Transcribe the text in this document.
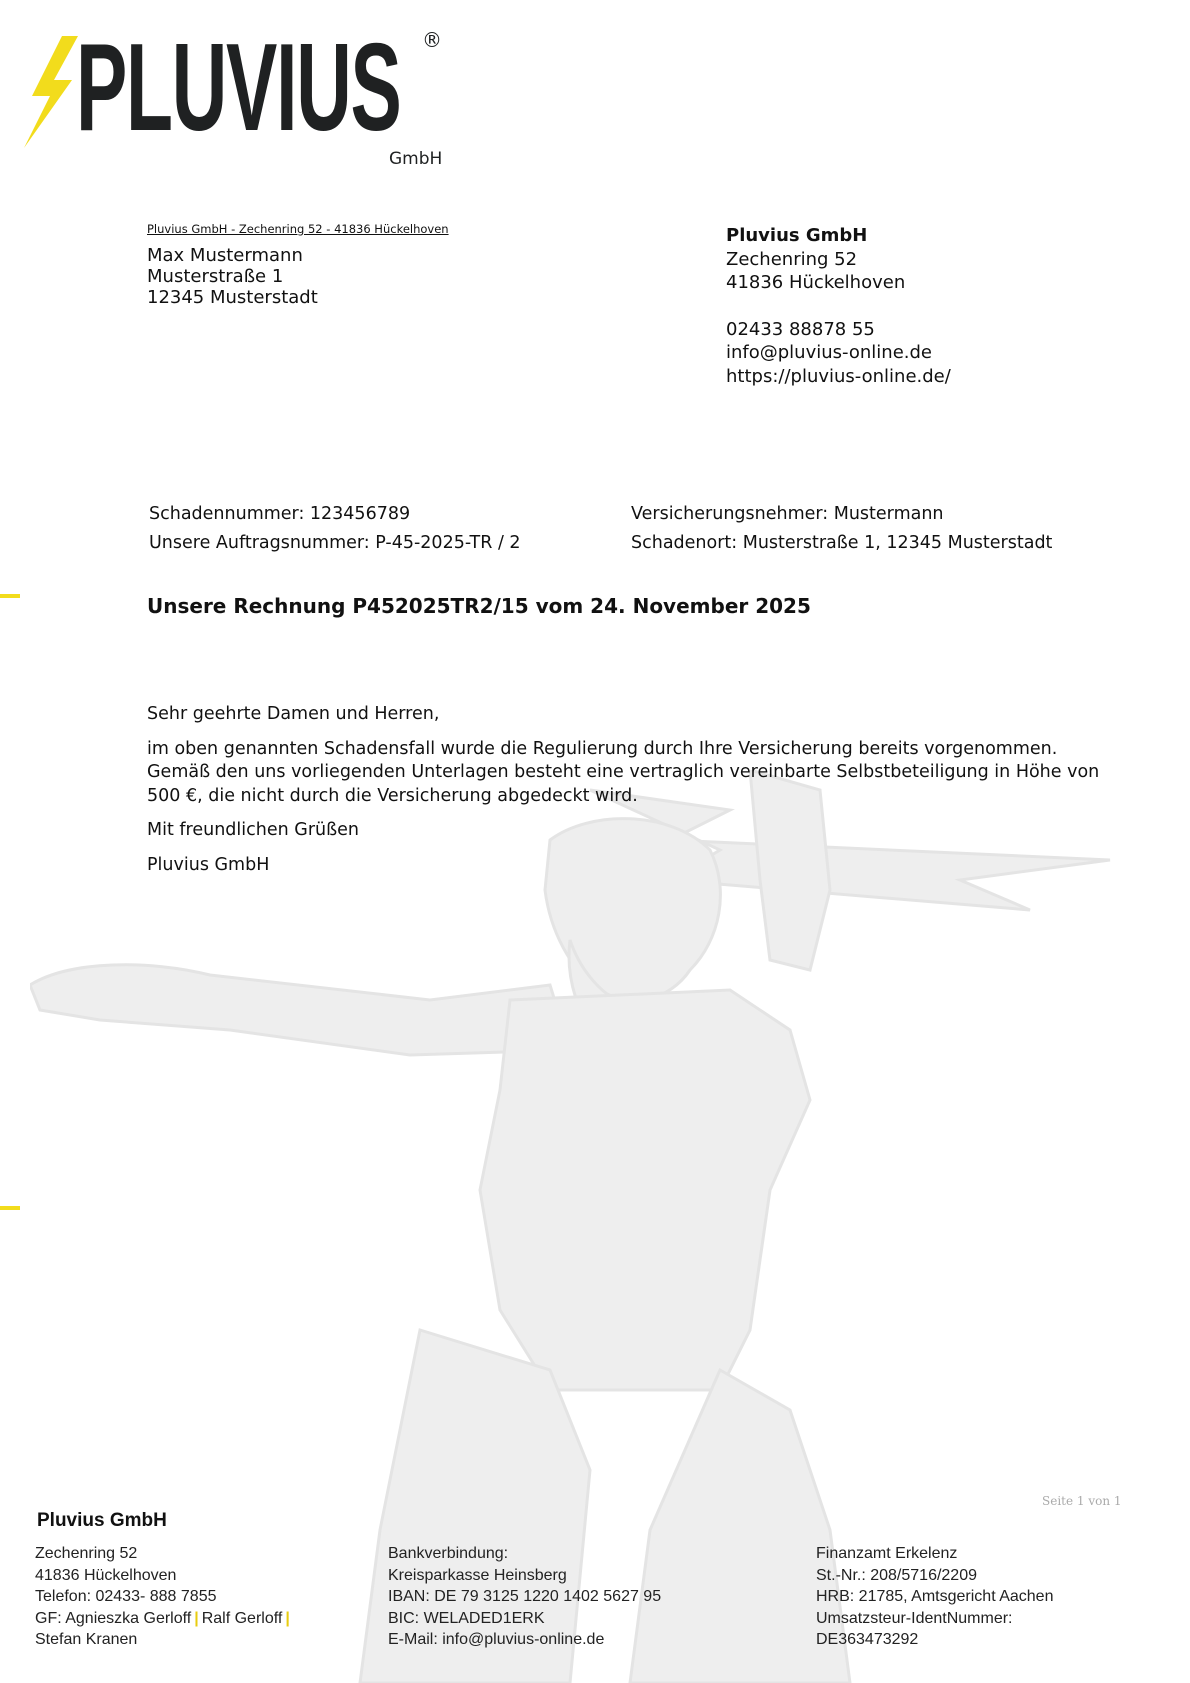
PLUVIUS ®
GmbH
Pluvius GmbH - Zechenring 52 - 41836 Hückelhoven
Max Mustermann
Musterstraße 1
12345 Musterstadt
Pluvius GmbH
Zechenring 52
41836 Hückelhoven
02433 88878 55
info@pluvius-online.de
https://pluvius-online.de/
Schadennummer: 123456789
Unsere Auftragsnummer: P-45-2025-TR / 2
Versicherungsnehmer: Mustermann
Schadenort: Musterstraße 1, 12345 Musterstadt
Unsere Rechnung P452025TR2/15 vom 24. November 2025

Sehr geehrte Damen und Herren,

im oben genannten Schadensfall wurde die Regulierung durch Ihre Versicherung bereits vorgenommen. Gemäß den uns vorliegenden Unterlagen besteht eine vertraglich vereinbarte Selbstbeteiligung in Höhe von 500 €, die nicht durch die Versicherung abgedeckt wird.

Mit freundlichen Grüßen

Pluvius GmbH

Seite 1 von 1
Pluvius GmbH
Zechenring 52
41836 Hückelhoven
Telefon: 02433- 888 7855
GF: Agnieszka Gerloff | Ralf Gerloff |
Stefan Kranen
Bankverbindung:
Kreisparkasse Heinsberg
IBAN: DE 79 3125 1220 1402 5627 95
BIC: WELADED1ERK
E-Mail: info@pluvius-online.de
Finanzamt Erkelenz
St.-Nr.: 208/5716/2209
HRB: 21785, Amtsgericht Aachen
Umsatzsteur-IdentNummer:
DE363473292
